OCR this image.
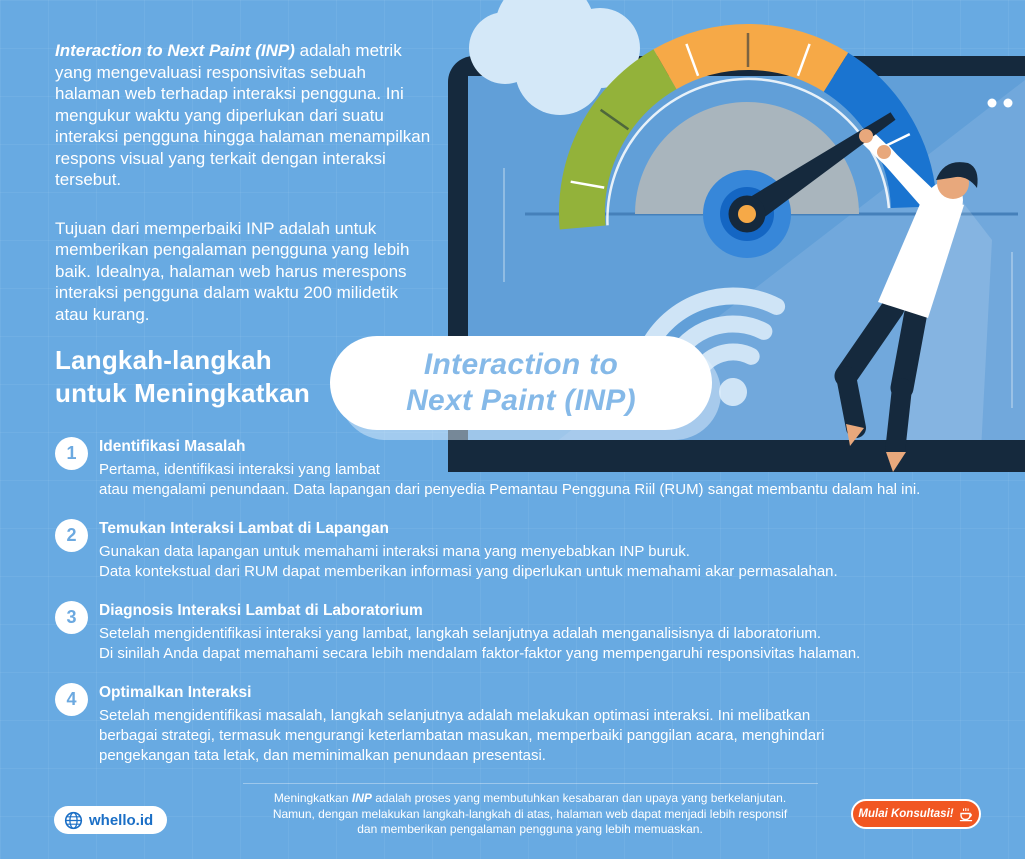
Interaction to Next Paint (INP) adalah metrik yang mengevaluasi responsivitas sebuah halaman web terhadap interaksi pengguna. Ini mengukur waktu yang diperlukan dari suatu interaksi pengguna hingga halaman menampilkan respons visual yang terkait dengan interaksi tersebut.

Tujuan dari memperbaiki INP adalah untuk memberikan pengalaman pengguna yang lebih baik. Idealnya, halaman web harus merespons interaksi pengguna dalam waktu 200 milidetik atau kurang.

Langkah-langkah
untuk Meningkatkan
Interaction to
Next Paint (INP)
1	Identifikasi Masalah
Pertama, identifikasi interaksi yang lambat
atau mengalami penundaan. Data lapangan dari penyedia Pemantau Pengguna Riil (RUM) sangat membantu dalam hal ini.
2	Temukan Interaksi Lambat di Lapangan
Gunakan data lapangan untuk memahami interaksi mana yang menyebabkan INP buruk.
Data kontekstual dari RUM dapat memberikan informasi yang diperlukan untuk memahami akar permasalahan.
3	Diagnosis Interaksi Lambat di Laboratorium
Setelah mengidentifikasi interaksi yang lambat, langkah selanjutnya adalah menganalisisnya di laboratorium.
Di sinilah Anda dapat memahami secara lebih mendalam faktor-faktor yang mempengaruhi responsivitas halaman.
4	Optimalkan Interaksi
Setelah mengidentifikasi masalah, langkah selanjutnya adalah melakukan optimasi interaksi. Ini melibatkan
berbagai strategi, termasuk mengurangi keterlambatan masukan, memperbaiki panggilan acara, menghindari
pengekangan tata letak, dan meminimalkan penundaan presentasi.
whello.id
Meningkatkan INP adalah proses yang membutuhkan kesabaran dan upaya yang berkelanjutan.
Namun, dengan melakukan langkah-langkah di atas, halaman web dapat menjadi lebih responsif
dan memberikan pengalaman pengguna yang lebih memuaskan.
Mulai Konsultasi!
